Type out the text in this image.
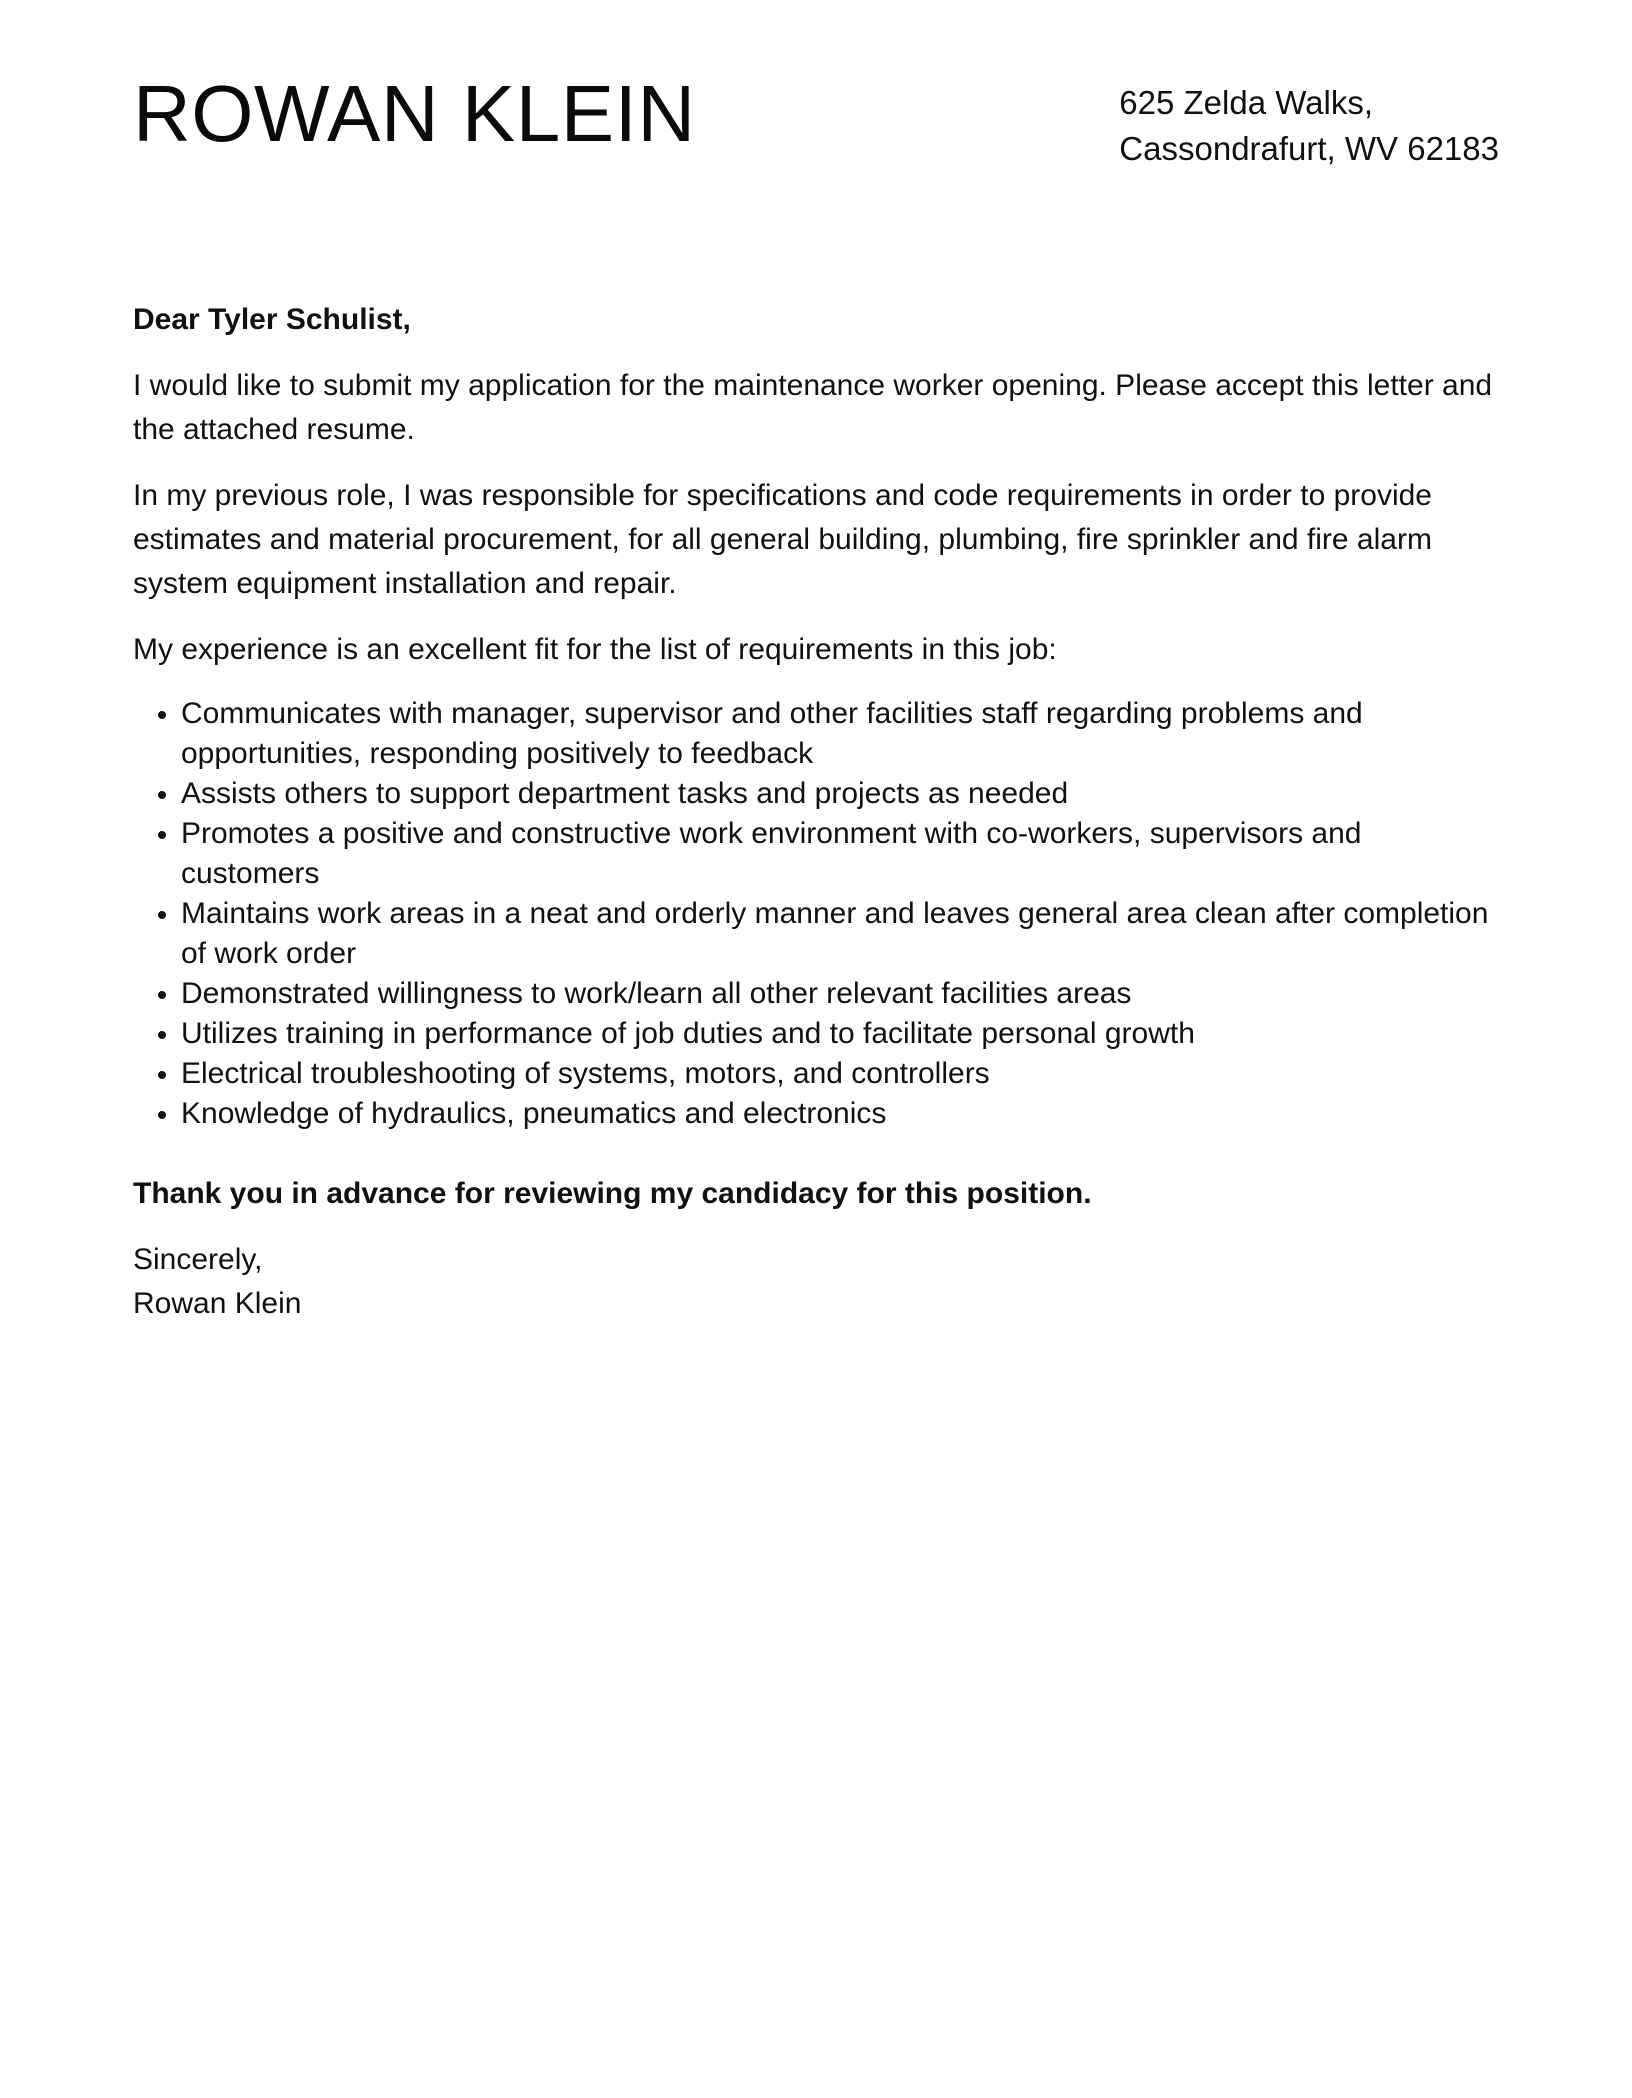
ROWAN KLEIN	625 Zelda Walks,
Cassondrafurt, WV 62183

Dear Tyler Schulist,

I would like to submit my application for the maintenance worker opening. Please accept this letter and the attached resume.

In my previous role, I was responsible for specifications and code requirements in order to provide estimates and material procurement, for all general building, plumbing, fire sprinkler and fire alarm system equipment installation and repair.

My experience is an excellent fit for the list of requirements in this job:

• Communicates with manager, supervisor and other facilities staff regarding problems and opportunities, responding positively to feedback
• Assists others to support department tasks and projects as needed
• Promotes a positive and constructive work environment with co-workers, supervisors and customers
• Maintains work areas in a neat and orderly manner and leaves general area clean after completion of work order
• Demonstrated willingness to work/learn all other relevant facilities areas
• Utilizes training in performance of job duties and to facilitate personal growth
• Electrical troubleshooting of systems, motors, and controllers
• Knowledge of hydraulics, pneumatics and electronics

Thank you in advance for reviewing my candidacy for this position.

Sincerely,
Rowan Klein
